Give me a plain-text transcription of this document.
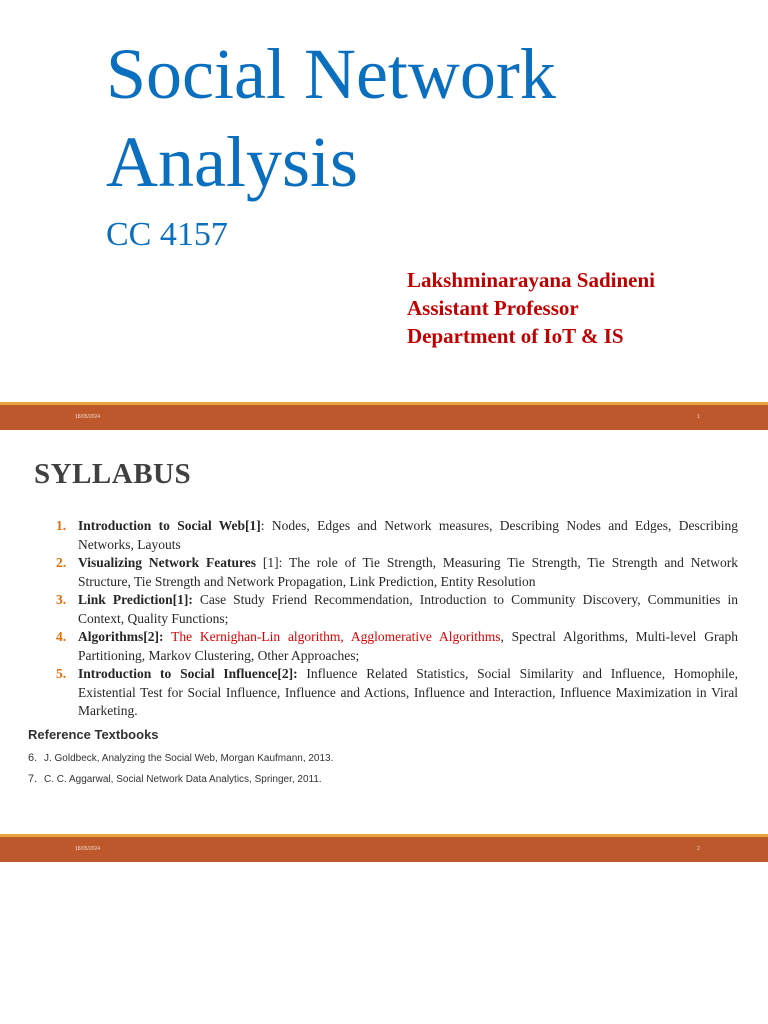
Social Network
Analysis
CC 4157
Lakshminarayana Sadineni
Assistant Professor
Department of IoT & IS
18/05/2024	1
SYLLABUS
1. Introduction to Social Web[1]: Nodes, Edges and Network measures, Describing Nodes and Edges, Describing Networks, Layouts
2. Visualizing Network Features [1]: The role of Tie Strength, Measuring Tie Strength, Tie Strength and Network Structure, Tie Strength and Network Propagation, Link Prediction, Entity Resolution
3. Link Prediction[1]: Case Study Friend Recommendation, Introduction to Community Discovery, Communities in Context, Quality Functions;
4. Algorithms[2]: The Kernighan-Lin algorithm, Agglomerative Algorithms, Spectral Algorithms, Multi-level Graph Partitioning, Markov Clustering, Other Approaches;
5. Introduction to Social Influence[2]: Influence Related Statistics, Social Similarity and Influence, Homophile, Existential Test for Social Influence, Influence and Actions, Influence and Interaction, Influence Maximization in Viral Marketing.
Reference Textbooks
6. J. Goldbeck, Analyzing the Social Web, Morgan Kaufmann, 2013.
7. C. C. Aggarwal, Social Network Data Analytics, Springer, 2011.
18/05/2024	2
